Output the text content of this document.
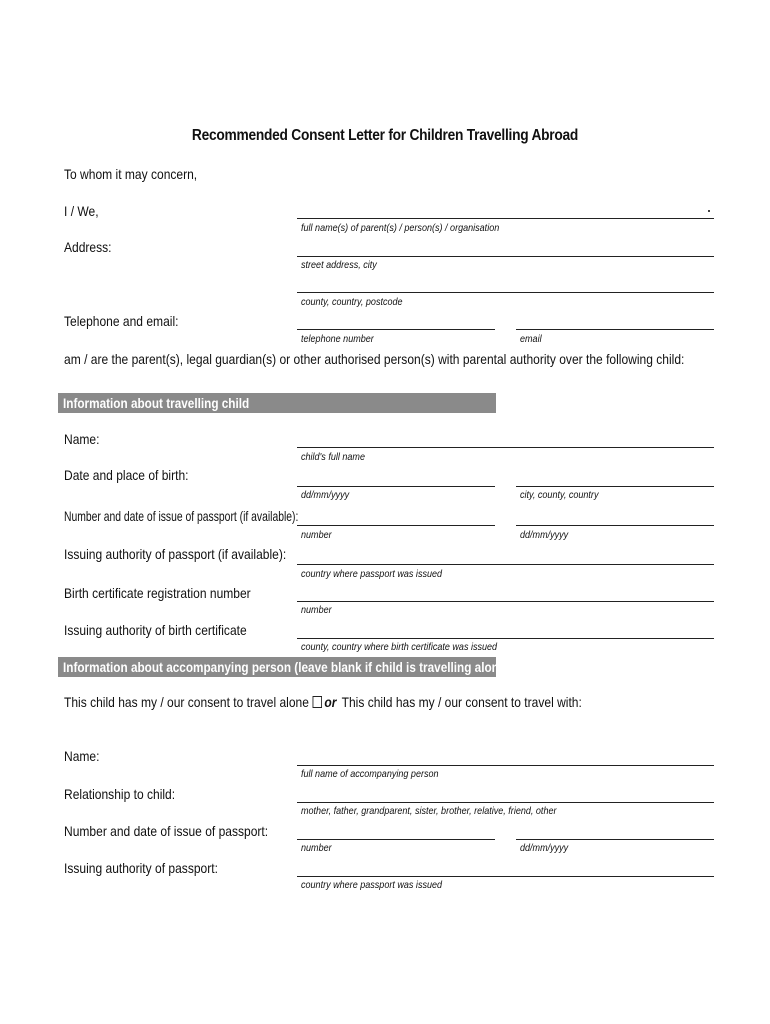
Recommended Consent Letter for Children Travelling Abroad
To whom it may concern,
I / We,
full name(s) of parent(s) / person(s) / organisation
Address:
street address, city
county, country, postcode
Telephone and email:
telephone number	email
am / are the parent(s), legal guardian(s) or other authorised person(s) with parental authority over the following child:
Information about travelling child
Name:
child's full name
Date and place of birth:
dd/mm/yyyy	city, county, country
Number and date of issue of passport (if available):
number	dd/mm/yyyy
Issuing authority of passport (if available):
country where passport was issued
Birth certificate registration number
number
Issuing authority of birth certificate
county, country where birth certificate was issued
Information about accompanying person (leave blank if child is travelling alone)
This child has my / our consent to travel alone or This child has my / our consent to travel with:
Name:
full name of accompanying person
Relationship to child:
mother, father, grandparent, sister, brother, relative, friend, other
Number and date of issue of passport:
number	dd/mm/yyyy
Issuing authority of passport:
country where passport was issued
